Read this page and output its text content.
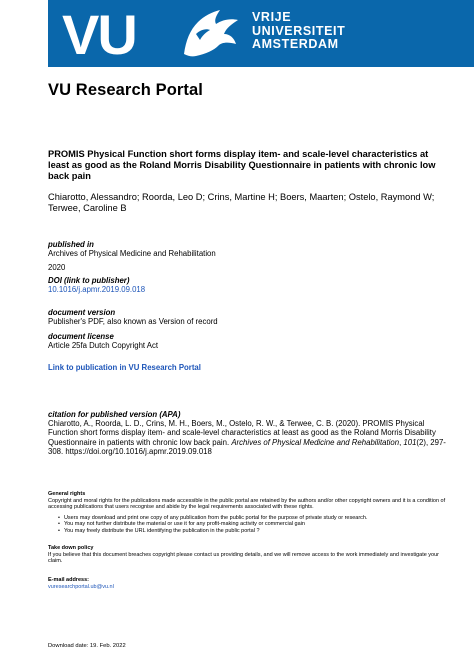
VU	VRIJE
UNIVERSITEIT
AMSTERDAM
VU Research Portal
PROMIS Physical Function short forms display item- and scale-level characteristics at least as good as the Roland Morris Disability Questionnaire in patients with chronic low back pain
Chiarotto, Alessandro; Roorda, Leo D; Crins, Martine H; Boers, Maarten; Ostelo, Raymond W; Terwee, Caroline B
published in
Archives of Physical Medicine and Rehabilitation
2020
DOI (link to publisher)
10.1016/j.apmr.2019.09.018
document version
Publisher's PDF, also known as Version of record
document license
Article 25fa Dutch Copyright Act
Link to publication in VU Research Portal
citation for published version (APA)
Chiarotto, A., Roorda, L. D., Crins, M. H., Boers, M., Ostelo, R. W., & Terwee, C. B. (2020). PROMIS Physical Function short forms display item- and scale-level characteristics at least as good as the Roland Morris Disability Questionnaire in patients with chronic low back pain. Archives of Physical Medicine and Rehabilitation, 101(2), 297-308. https://doi.org/10.1016/j.apmr.2019.09.018
General rights
Copyright and moral rights for the publications made accessible in the public portal are retained by the authors and/or other copyright owners and it is a condition of accessing publications that users recognise and abide by the legal requirements associated with these rights.
• Users may download and print one copy of any publication from the public portal for the purpose of private study or research.
• You may not further distribute the material or use it for any profit-making activity or commercial gain
• You may freely distribute the URL identifying the publication in the public portal ?
Take down policy
If you believe that this document breaches copyright please contact us providing details, and we will remove access to the work immediately and investigate your claim.
E-mail address:
vuresearchportal.ub@vu.nl
Download date: 19. Feb. 2022
